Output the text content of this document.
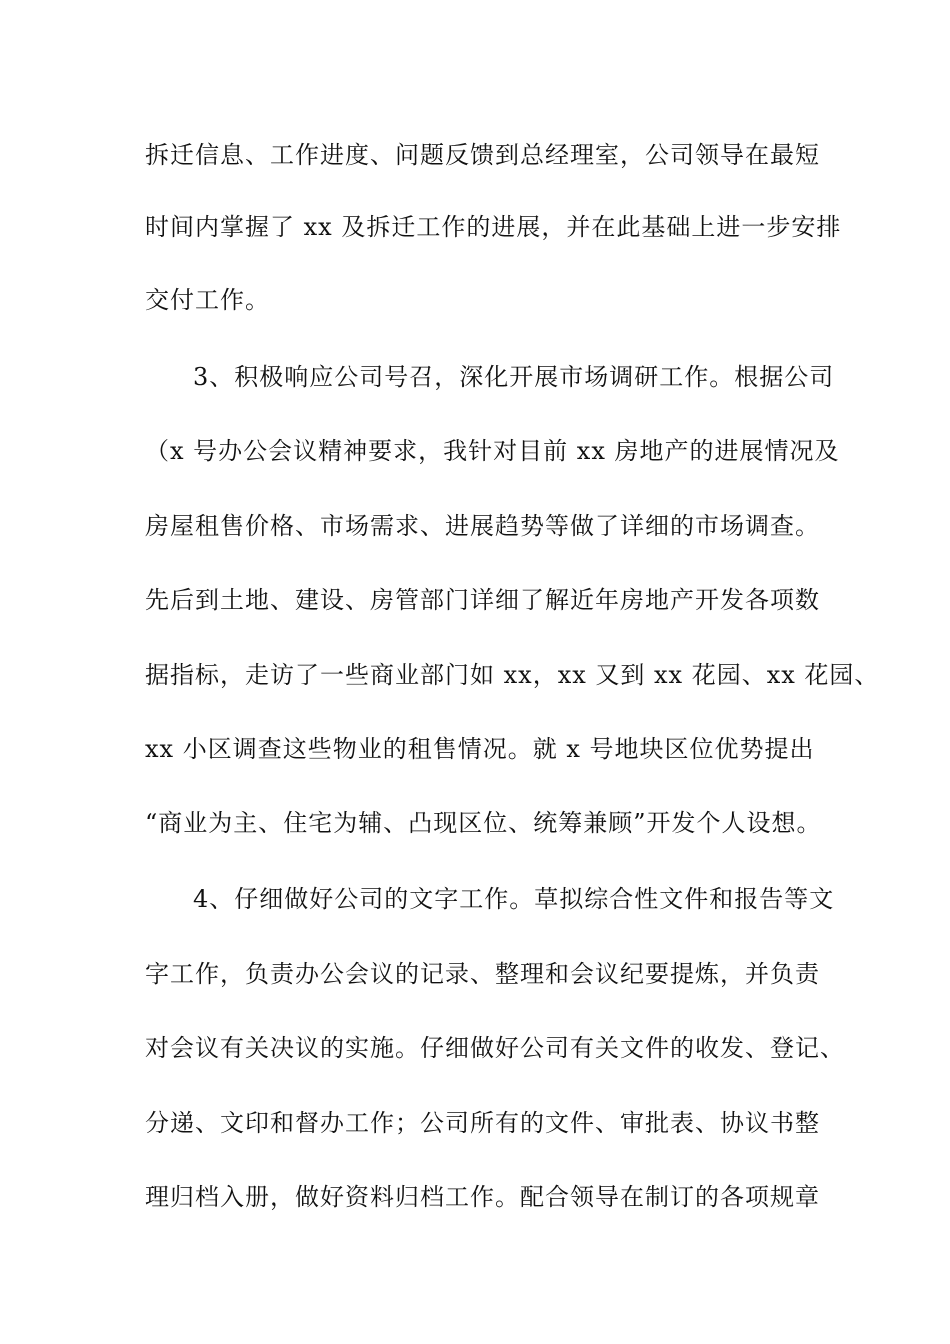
拆迁信息、工作进度、问题反馈到总经理室，公司领导在最短
时间内掌握了 xx 及拆迁工作的进展，并在此基础上进一步安排
交付工作。
3、积极响应公司号召，深化开展市场调研工作。根据公司
（x 号办公会议精神要求，我针对目前 xx 房地产的进展情况及
房屋租售价格、市场需求、进展趋势等做了详细的市场调查。
先后到土地、建设、房管部门详细了解近年房地产开发各项数
据指标，走访了一些商业部门如 xx，xx 又到 xx 花园、xx 花园、
xx 小区调查这些物业的租售情况。就 x 号地块区位优势提出
“商业为主、住宅为辅、凸现区位、统筹兼顾”开发个人设想。
4、仔细做好公司的文字工作。草拟综合性文件和报告等文
字工作，负责办公会议的记录、整理和会议纪要提炼，并负责
对会议有关决议的实施。仔细做好公司有关文件的收发、登记、
分递、文印和督办工作；公司所有的文件、审批表、协议书整
理归档入册，做好资料归档工作。配合领导在制订的各项规章
